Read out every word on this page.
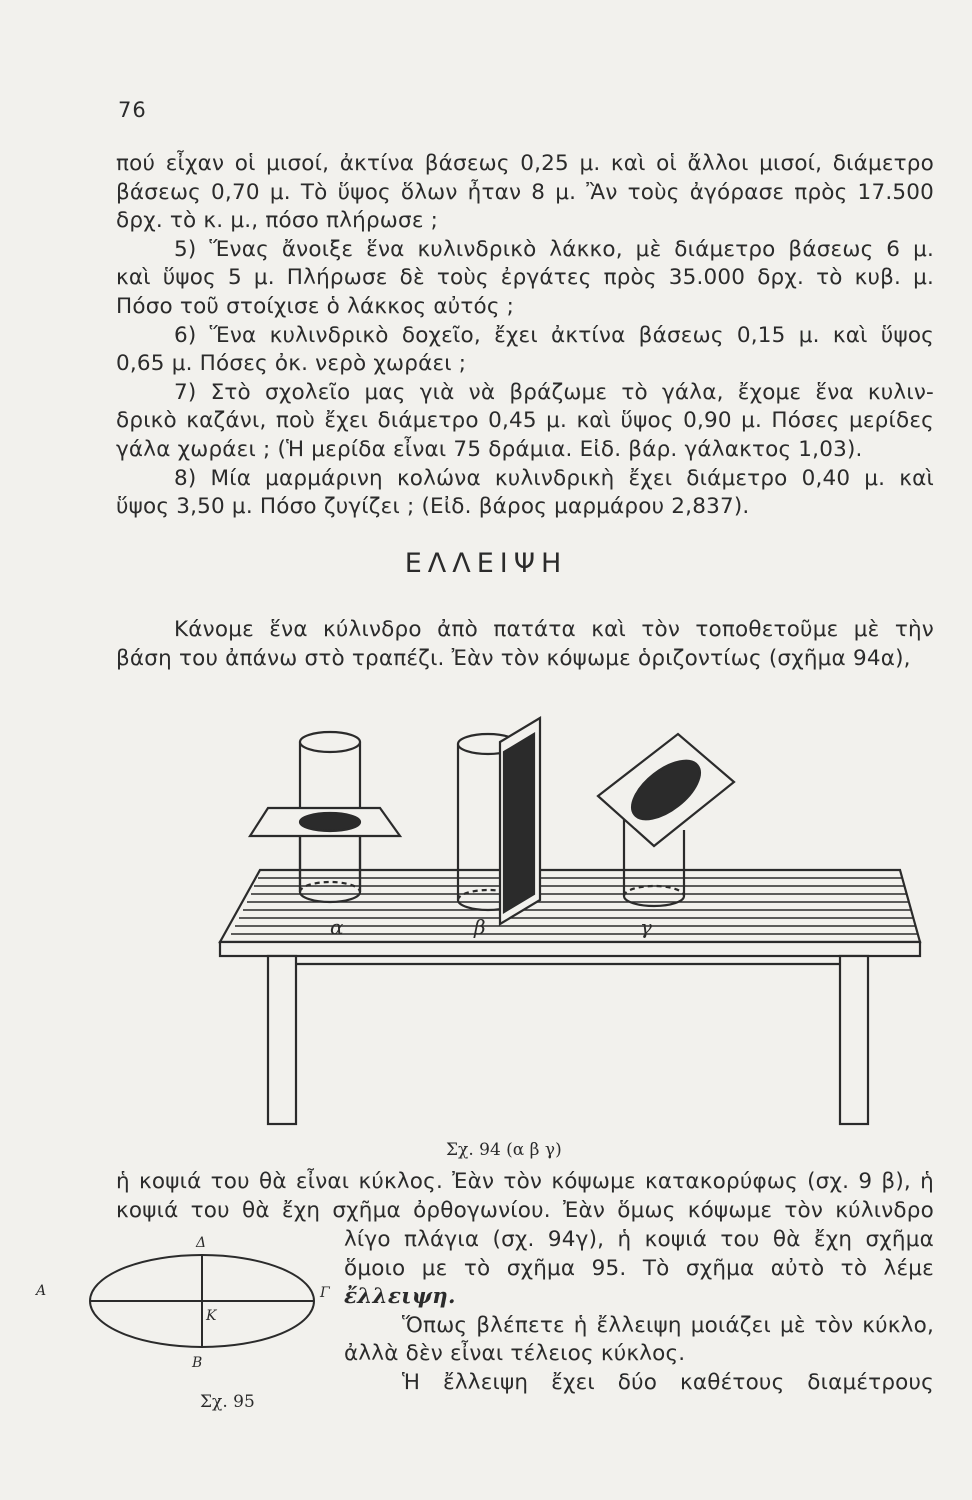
76
πού εἶχαν οἱ μισοί, ἀκτίνα βάσεως 0,25 μ. καὶ οἱ ἄλλοι μισοί, διάμετρο
βάσεως 0,70 μ. Τὸ ὕψος ὅλων ἦταν 8 μ. Ἂν τοὺς ἀγόρασε πρὸς 17.500
δρχ. τὸ κ. μ., πόσο πλήρωσε ;
5) Ἕνας ἄνοιξε ἕνα κυλινδρικὸ λάκκο, μὲ διάμετρο βάσεως 6 μ.
καὶ ὕψος 5 μ. Πλήρωσε δὲ τοὺς ἐργάτες πρὸς 35.000 δρχ. τὸ κυβ. μ.
Πόσο τοῦ στοίχισε ὁ λάκκος αὐτός ;
6) Ἕνα κυλινδρικὸ δοχεῖο, ἔχει ἀκτίνα βάσεως 0,15 μ. καὶ ὕψος
0,65 μ. Πόσες ὀκ. νερὸ χωράει ;
7) Στὸ σχολεῖο μας γιὰ νὰ βράζωμε τὸ γάλα, ἔχομε ἕνα κυλιν-
δρικὸ καζάνι, ποὺ ἔχει διάμετρο 0,45 μ. καὶ ὕψος 0,90 μ. Πόσες μερίδες
γάλα χωράει ; (Ἡ μερίδα εἶναι 75 δράμια. Εἰδ. βάρ. γάλακτος 1,03).
8) Μία μαρμάρινη κολώνα κυλινδρικὴ ἔχει διάμετρο 0,40 μ. καὶ
ὕψος 3,50 μ. Πόσο ζυγίζει ; (Εἰδ. βάρος μαρμάρου 2,837).
ΕΛΛΕΙΨΗ
Κάνομε ἕνα κύλινδρο ἀπὸ πατάτα καὶ τὸν τοποθετοῦμε μὲ τὴν
βάση του ἀπάνω στὸ τραπέζι. Ἐὰν τὸν κόψωμε ὁριζοντίως (σχῆμα 94α),
α	β	γ
Σχ. 94 (α β γ)
ἡ κοψιά του θὰ εἶναι κύκλος. Ἐὰν τὸν κόψωμε κατακορύφως (σχ. 9 β), ἡ
κοψιά του θὰ ἔχη σχῆμα ὀρθογωνίου. Ἐὰν ὅμως κόψωμε τὸν κύλινδρο
λίγο πλάγια (σχ. 94γ), ἡ κοψιά του θὰ ἔχη σχῆμα
ὅμοιο με τὸ σχῆμα 95. Τὸ σχῆμα αὐτὸ τὸ λέμε
ἔλλειψη.
Ὅπως βλέπετε ἡ ἔλλειψη μοιάζει μὲ τὸν κύκλο,
ἀλλὰ δὲν εἶναι τέλειος κύκλος.
Ἡ ἔλλειψη ἔχει δύο καθέτους διαμέτρους
Δ
Α
Κ
Γ
Β
Σχ. 95
